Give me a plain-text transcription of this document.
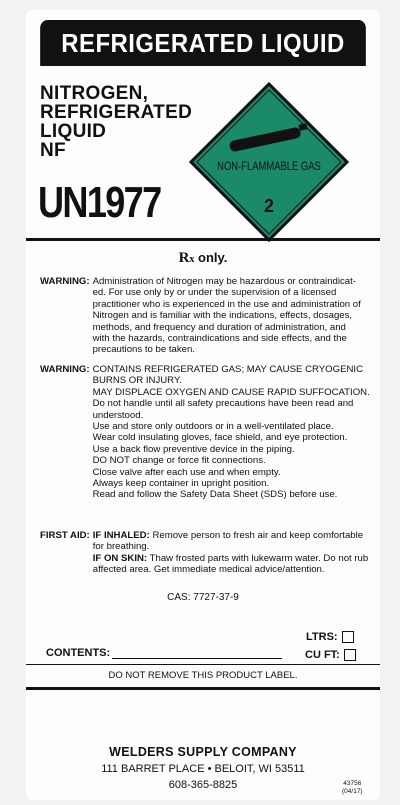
REFRIGERATED LIQUID
NITROGEN,
REFRIGERATED
LIQUID
NF
UN1977
NON-FLAMMABLE GAS
2
Rx only.
WARNING: Administration of Nitrogen may be hazardous or contraindicat-
ed. For use only by or under the supervision of a licensed
practitioner who is experienced in the use and administration of
Nitrogen and is familiar with the indications, effects, dosages,
methods, and frequency and duration of administration, and
with the hazards, contraindications and side effects, and the
precautions to be taken.
WARNING: CONTAINS REFRIGERATED GAS; MAY CAUSE CRYOGENIC
BURNS OR INJURY.
MAY DISPLACE OXYGEN AND CAUSE RAPID SUFFOCATION.
Do not handle until all safety precautions have been read and
understood.
Use and store only outdoors or in a well-ventilated place.
Wear cold insulating gloves, face shield, and eye protection.
Use a back flow preventive device in the piping.
DO NOT change or force fit connections.
Close valve after each use and when empty.
Always keep container in upright position.
Read and follow the Safety Data Sheet (SDS) before use.
FIRST AID: IF INHALED: Remove person to fresh air and keep comfortable
for breathing.
IF ON SKIN: Thaw frosted parts with lukewarm water. Do not rub
affected area. Get immediate medical advice/attention.
CAS: 7727-37-9
LTRS:
CU FT:
CONTENTS:
DO NOT REMOVE THIS PRODUCT LABEL.
WELDERS SUPPLY COMPANY
111 BARRET PLACE • BELOIT, WI 53511
608-365-8825	43756
(04/17)
